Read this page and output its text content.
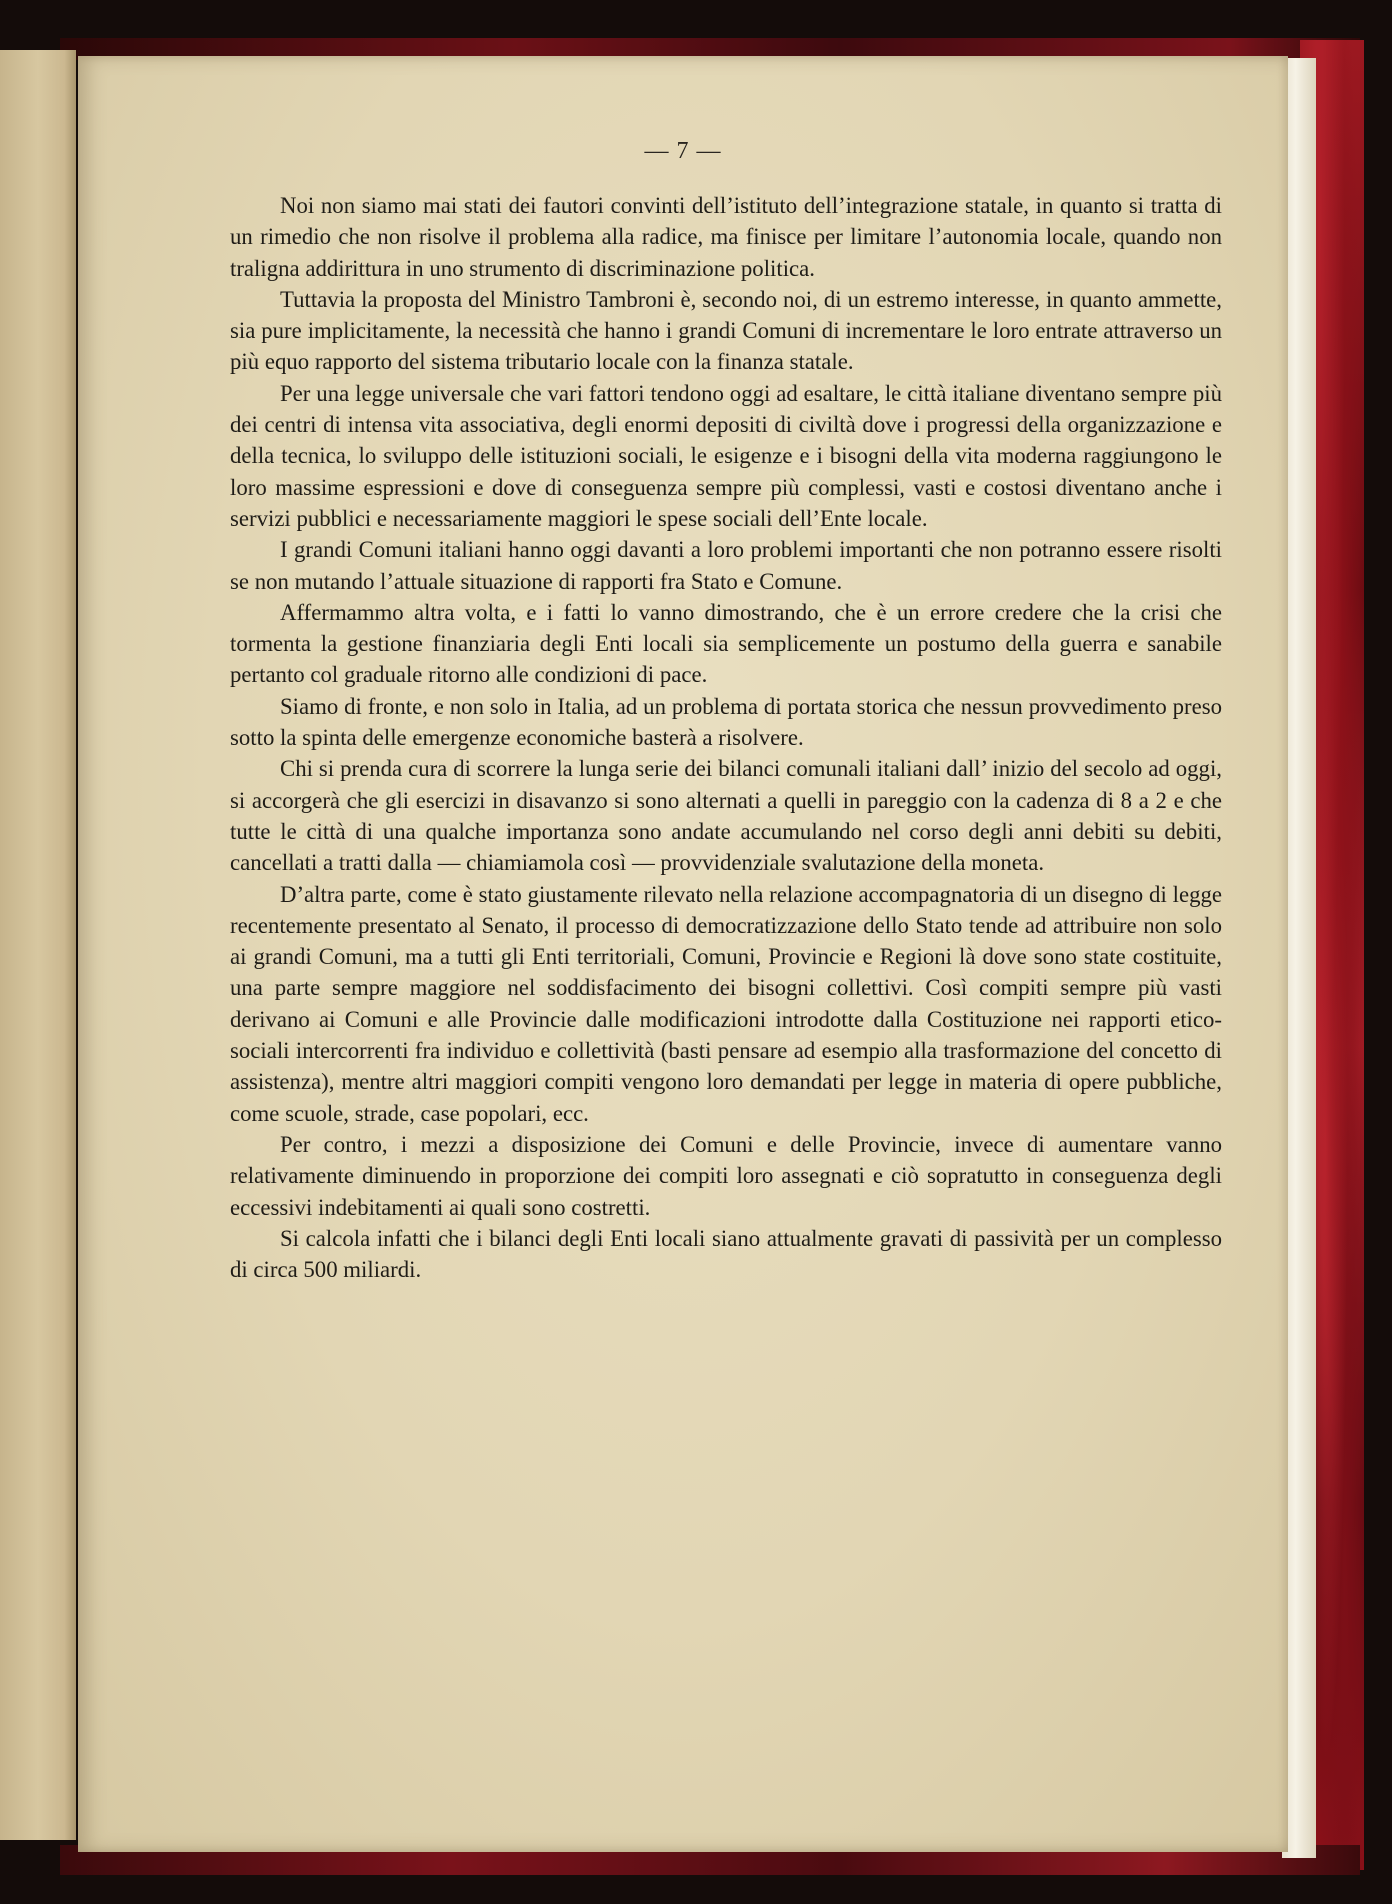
— 7 —

Noi non siamo mai stati dei fautori convinti dell’istituto dell’integrazione statale, in quanto si tratta di un rimedio che non risolve il problema alla radice, ma finisce per limitare l’autonomia locale, quando non traligna addirittura in uno strumento di discriminazione politica.

Tuttavia la proposta del Ministro Tambroni è, secondo noi, di un estremo interesse, in quanto ammette, sia pure implicitamente, la necessità che hanno i grandi Comuni di incrementare le loro entrate attraverso un più equo rapporto del sistema tributario locale con la finanza statale.

Per una legge universale che vari fattori tendono oggi ad esaltare, le città italiane diventano sempre più dei centri di intensa vita associativa, degli enormi depositi di civiltà dove i progressi della organizzazione e della tecnica, lo sviluppo delle istituzioni sociali, le esigenze e i bisogni della vita moderna raggiungono le loro massime espressioni e dove di conseguenza sempre più complessi, vasti e costosi diventano anche i servizi pubblici e necessariamente maggiori le spese sociali dell’Ente locale.

I grandi Comuni italiani hanno oggi davanti a loro problemi importanti che non potranno essere risolti se non mutando l’attuale situazione di rapporti fra Stato e Comune.

Affermammo altra volta, e i fatti lo vanno dimostrando, che è un errore credere che la crisi che tormenta la gestione finanziaria degli Enti locali sia semplicemente un postumo della guerra e sanabile pertanto col graduale ritorno alle condizioni di pace.

Siamo di fronte, e non solo in Italia, ad un problema di portata storica che nessun provvedimento preso sotto la spinta delle emergenze economiche basterà a risolvere.

Chi si prenda cura di scorrere la lunga serie dei bilanci comunali italiani dall’ inizio del secolo ad oggi, si accorgerà che gli esercizi in disavanzo si sono alternati a quelli in pareggio con la cadenza di 8 a 2 e che tutte le città di una qualche importanza sono andate accumulando nel corso degli anni debiti su debiti, cancellati a tratti dalla — chiamiamola così — provvidenziale svalutazione della moneta.

D’altra parte, come è stato giustamente rilevato nella relazione accompagnatoria di un disegno di legge recentemente presentato al Senato, il processo di democratizzazione dello Stato tende ad attribuire non solo ai grandi Comuni, ma a tutti gli Enti territoriali, Comuni, Provincie e Regioni là dove sono state costituite, una parte sempre maggiore nel soddisfacimento dei bisogni collettivi. Così compiti sempre più vasti derivano ai Comuni e alle Provincie dalle modificazioni introdotte dalla Costituzione nei rapporti etico-sociali intercorrenti fra individuo e collettività (basti pensare ad esempio alla trasformazione del concetto di assistenza), mentre altri maggiori compiti vengono loro demandati per legge in materia di opere pubbliche, come scuole, strade, case popolari, ecc.

Per contro, i mezzi a disposizione dei Comuni e delle Provincie, invece di aumentare vanno relativamente diminuendo in proporzione dei compiti loro assegnati e ciò sopratutto in conseguenza degli eccessivi indebitamenti ai quali sono costretti.

Si calcola infatti che i bilanci degli Enti locali siano attualmente gravati di passività per un complesso di circa 500 miliardi.
